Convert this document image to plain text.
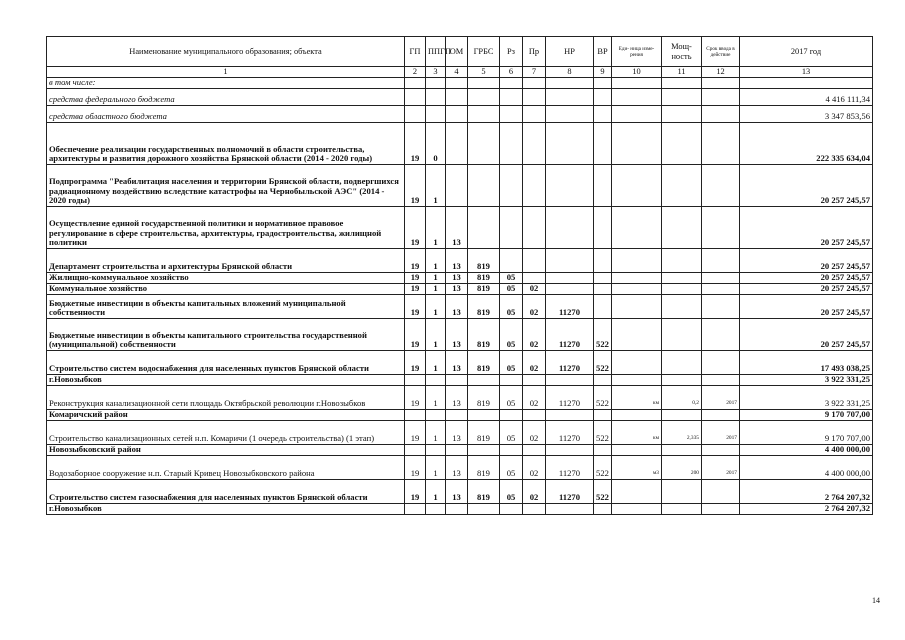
Наименование муниципального образования; объекта	ГП	ППГП	ОМ	ГРБС	Рз	Пр	НР	ВР	Еди- ница изме- рения	Мощ- ность	Срок ввода в действие	2017 год
1	2	3	4	5	6	7	8	9	10	11	12	13
в том числе:												
средства федерального бюджета												4 416 111,34
средства областного бюджета												3 347 853,56
Обеспечение реализации государственных полномочий в области строительства, архитектуры и развития дорожного хозяйства Брянской области (2014 - 2020 годы)	19	0										222 335 634,04
Подпрограмма "Реабилитация населения и территории Брянской области, подвергшихся радиационному воздействию вследствие катастрофы на Чернобыльской АЭС" (2014 - 2020 годы)	19	1										20 257 245,57
Осуществление единой государственной политики и нормативное правовое регулирование в сфере строительства, архитектуры, градостроительства, жилищной политики	19	1	13									20 257 245,57
Департамент строительства и архитектуры Брянской области	19	1	13	819								20 257 245,57
Жилищно-коммунальное хозяйство	19	1	13	819	05							20 257 245,57
Коммунальное хозяйство	19	1	13	819	05	02						20 257 245,57
Бюджетные инвестиции в объекты капитальных вложений муниципальной собственности	19	1	13	819	05	02	11270					20 257 245,57
Бюджетные инвестиции в объекты капитального строительства государственной (муниципальной) собственности	19	1	13	819	05	02	11270	522				20 257 245,57
Строительство систем водоснабжения для населенных пунктов Брянской области	19	1	13	819	05	02	11270	522				17 493 038,25
г.Новозыбков												3 922 331,25
Реконструкция канализационной сети площадь Октябрьской революции г.Новозыбков	19	1	13	819	05	02	11270	522	км	0,2	2017	3 922 331,25
Комаричский район												9 170 707,00
Строительство канализационных сетей н.п. Комаричи (1 очередь строительства) (1 этап)	19	1	13	819	05	02	11270	522	км	2,335	2017	9 170 707,00
Новозыбковский район												4 400 000,00
Водозаборное сооружение н.п. Старый Кривец Новозыбковского района	19	1	13	819	05	02	11270	522	м3	200	2017	4 400 000,00
Строительство систем газоснабжения для населенных пунктов Брянской области	19	1	13	819	05	02	11270	522				2 764 207,32
г.Новозыбков												2 764 207,32
14
